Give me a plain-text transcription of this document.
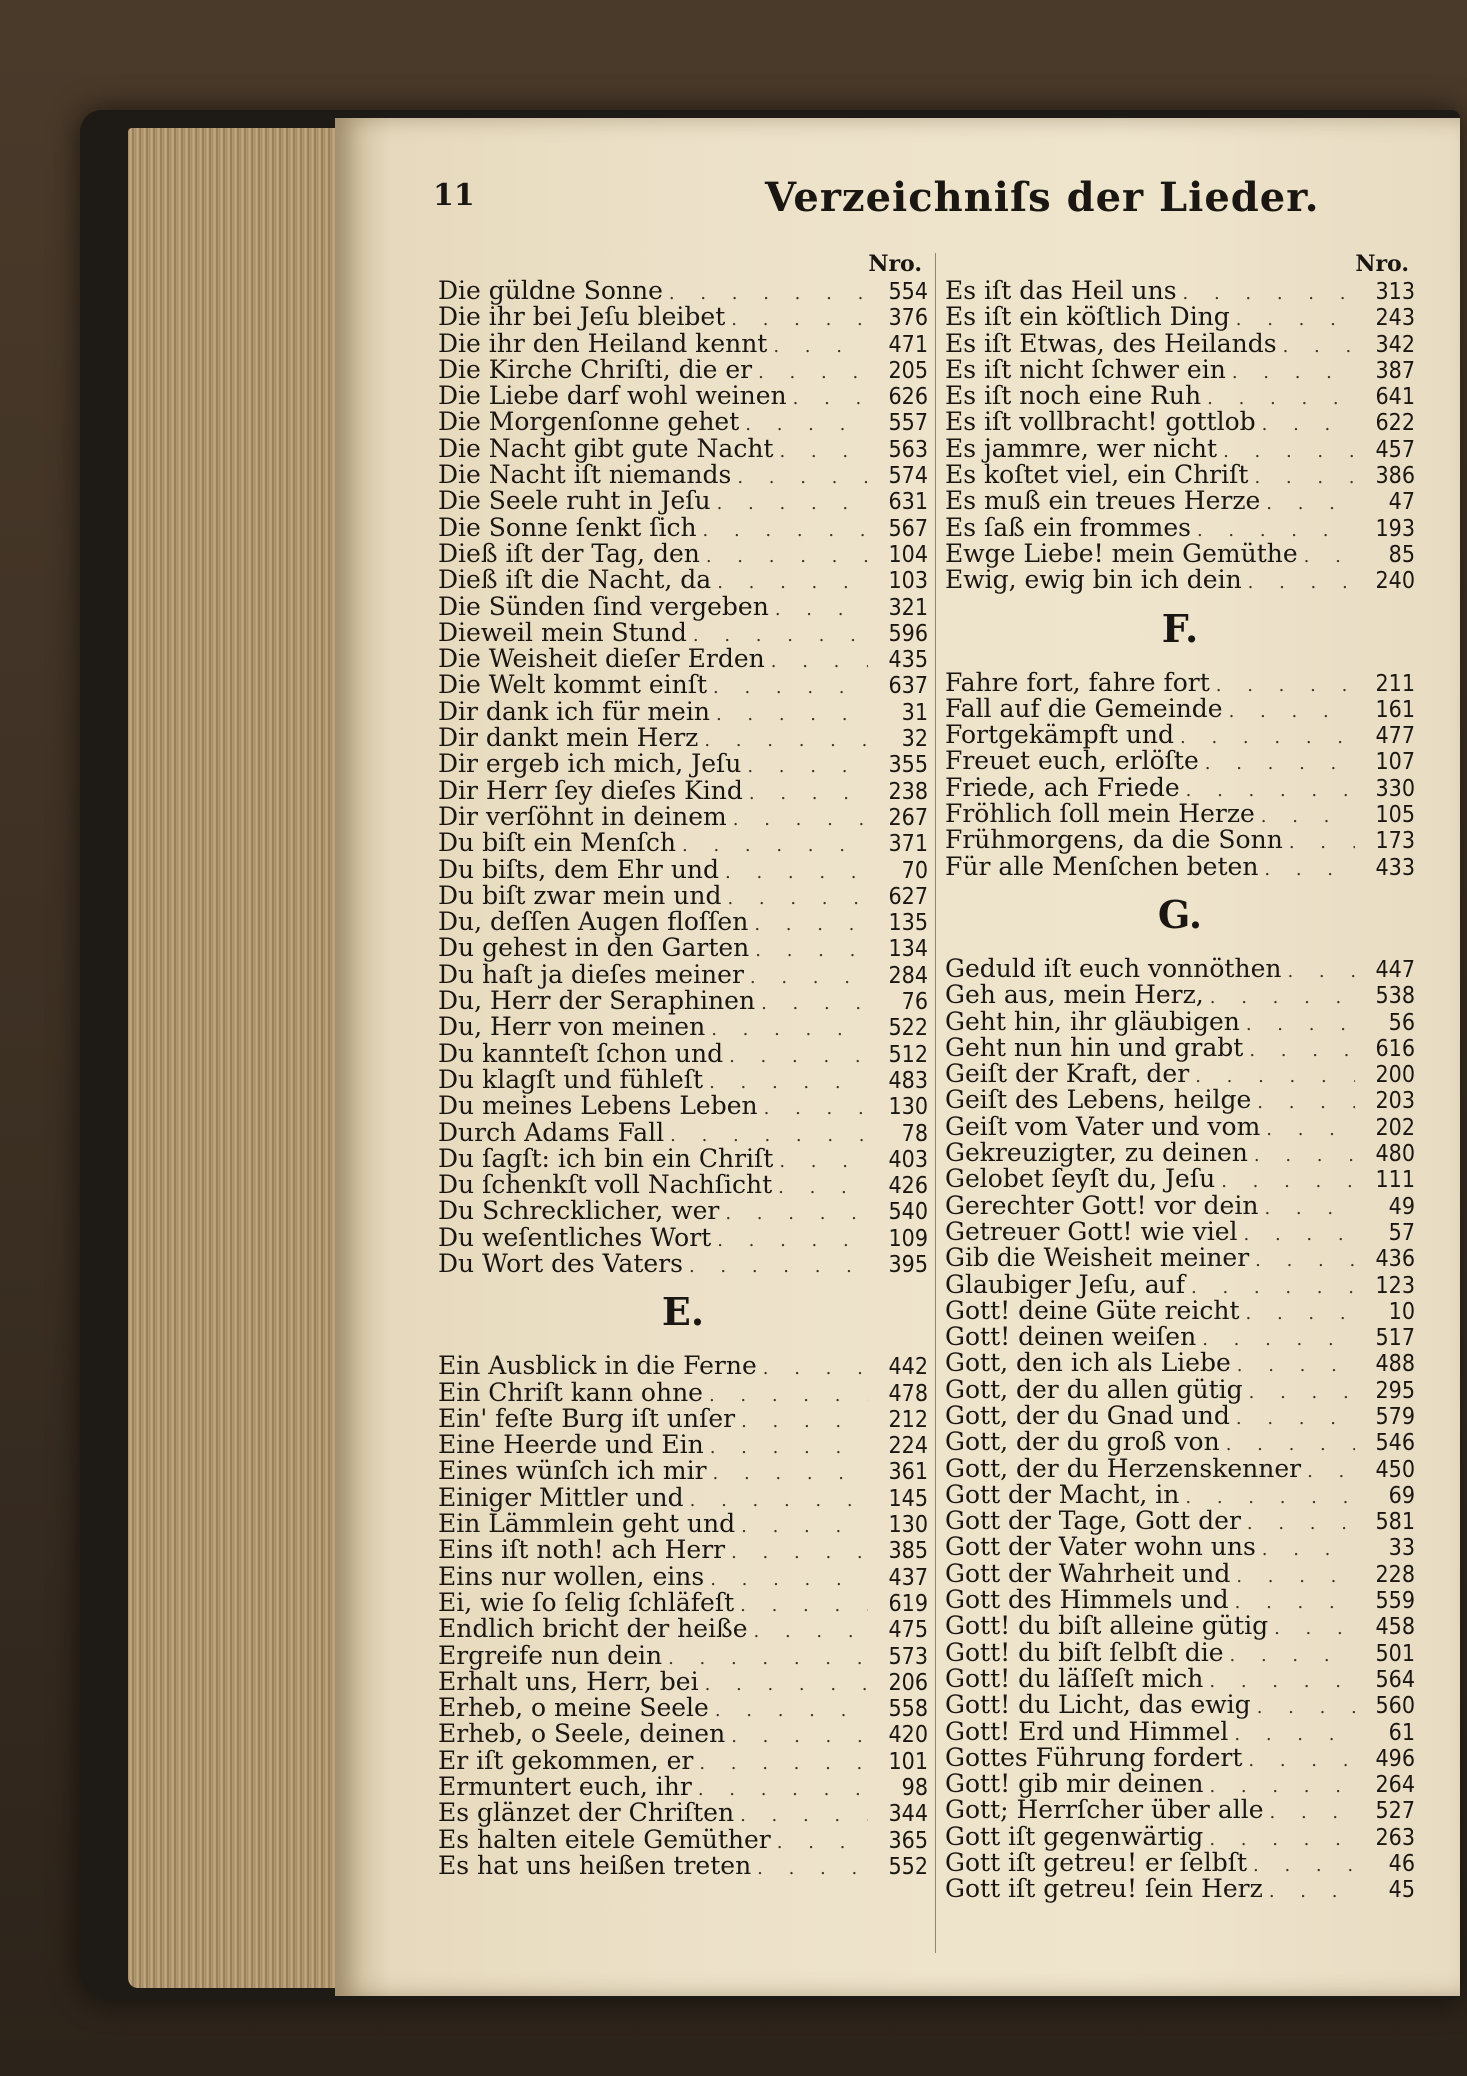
11	Verzeichniſs der Lieder.
Nro.
Die güldne Sonne . . .	554
Die ihr bei Jeſu bleibet . . .	376
Die ihr den Heiland kennt . . .	471
Die Kirche Chriſti, die er . . .	205
Die Liebe darf wohl weinen . . .	626
Die Morgenſonne gehet . . .	557
Die Nacht gibt gute Nacht . . .	563
Die Nacht iſt niemands . . .	574
Die Seele ruht in Jeſu . . .	631
Die Sonne ſenkt ſich . . .	567
Dieß iſt der Tag, den . . .	104
Dieß iſt die Nacht, da . . .	103
Die Sünden ſind vergeben . . .	321
Dieweil mein Stund . . .	596
Die Weisheit dieſer Erden . . .	435
Die Welt kommt einſt . . .	637
Dir dank ich für mein . . .	31
Dir dankt mein Herz . . .	32
Dir ergeb ich mich, Jeſu . . .	355
Dir Herr ſey dieſes Kind . . .	238
Dir verſöhnt in deinem . . .	267
Du biſt ein Menſch . . .	371
Du biſts, dem Ehr und . . .	70
Du biſt zwar mein und . . .	627
Du, deſſen Augen floſſen . . .	135
Du gehest in den Garten . . .	134
Du haſt ja dieſes meiner . . .	284
Du, Herr der Seraphinen . . .	76
Du, Herr von meinen . . .	522
Du kannteſt ſchon und . . .	512
Du klagſt und fühleſt . . .	483
Du meines Lebens Leben . . .	130
Durch Adams Fall . . .	78
Du ſagſt: ich bin ein Chriſt . . .	403
Du ſchenkſt voll Nachſicht . . .	426
Du Schrecklicher, wer . . .	540
Du weſentliches Wort . . .	109
Du Wort des Vaters . . .	395
E.
Ein Ausblick in die Ferne . . .	442
Ein Chriſt kann ohne . . .	478
Ein' feſte Burg iſt unſer . . .	212
Eine Heerde und Ein . . .	224
Eines wünſch ich mir . . .	361
Einiger Mittler und . . .	145
Ein Lämmlein geht und . . .	130
Eins iſt noth! ach Herr . . .	385
Eins nur wollen, eins . . .	437
Ei, wie ſo ſelig ſchläfeſt . . .	619
Endlich bricht der heiße . . .	475
Ergreife nun dein . . .	573
Erhalt uns, Herr, bei . . .	206
Erheb, o meine Seele . . .	558
Erheb, o Seele, deinen . . .	420
Er iſt gekommen, er . . .	101
Ermuntert euch, ihr . . .	98
Es glänzet der Chriſten . . .	344
Es halten eitele Gemüther . . .	365
Es hat uns heißen treten . . .	552
Nro.
Es iſt das Heil uns . . .	313
Es iſt ein köſtlich Ding . . .	243
Es iſt Etwas, des Heilands . . .	342
Es iſt nicht ſchwer ein . . .	387
Es iſt noch eine Ruh . . .	641
Es iſt vollbracht! gottlob . . .	622
Es jammre, wer nicht . . .	457
Es koſtet viel, ein Chriſt . . .	386
Es muß ein treues Herze . . .	47
Es ſaß ein frommes . . .	193
Ewge Liebe! mein Gemüthe . . .	85
Ewig, ewig bin ich dein . . .	240
F.
Fahre fort, fahre fort . . .	211
Fall auf die Gemeinde . . .	161
Fortgekämpft und . . .	477
Freuet euch, erlöſte . . .	107
Friede, ach Friede . . .	330
Fröhlich ſoll mein Herze . . .	105
Frühmorgens, da die Sonn . . .	173
Für alle Menſchen beten . . .	433
G.
Geduld iſt euch vonnöthen . . .	447
Geh aus, mein Herz, . . .	538
Geht hin, ihr gläubigen . . .	56
Geht nun hin und grabt . . .	616
Geiſt der Kraft, der . . .	200
Geiſt des Lebens, heilge . . .	203
Geiſt vom Vater und vom . . .	202
Gekreuzigter, zu deinen . . .	480
Gelobet ſeyſt du, Jeſu . . .	111
Gerechter Gott! vor dein . . .	49
Getreuer Gott! wie viel . . .	57
Gib die Weisheit meiner . . .	436
Glaubiger Jeſu, auf . . .	123
Gott! deine Güte reicht . . .	10
Gott! deinen weiſen . . .	517
Gott, den ich als Liebe . . .	488
Gott, der du allen gütig . . .	295
Gott, der du Gnad und . . .	579
Gott, der du groß von . . .	546
Gott, der du Herzenskenner . . .	450
Gott der Macht, in . . .	69
Gott der Tage, Gott der . . .	581
Gott der Vater wohn uns . . .	33
Gott der Wahrheit und . . .	228
Gott des Himmels und . . .	559
Gott! du biſt alleine gütig . . .	458
Gott! du biſt ſelbſt die . . .	501
Gott! du läſſeſt mich . . .	564
Gott! du Licht, das ewig . . .	560
Gott! Erd und Himmel . . .	61
Gottes Führung fordert . . .	496
Gott! gib mir deinen . . .	264
Gott; Herrſcher über alle . . .	527
Gott iſt gegenwärtig . . .	263
Gott iſt getreu! er ſelbſt . . .	46
Gott iſt getreu! ſein Herz . . .	45
